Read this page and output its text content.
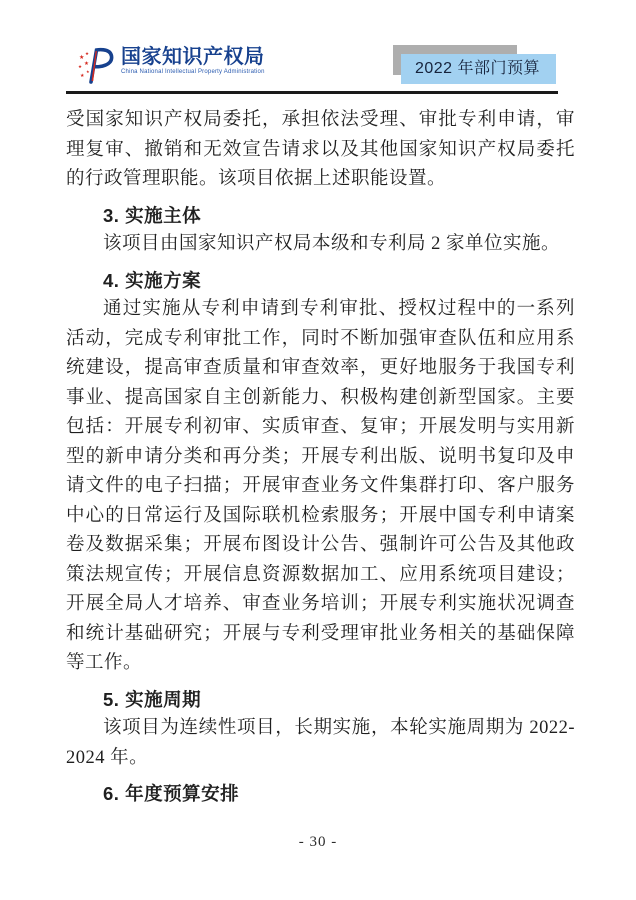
★
★
★ ★
★
★
国家知识产权局
China National Intellectual Property Administration	2022 年部门预算

受国家知识产权局委托，承担依法受理、审批专利申请，审理复审、撤销和无效宣告请求以及其他国家知识产权局委托的行政管理职能。该项目依据上述职能设置。

3. 实施主体

该项目由国家知识产权局本级和专利局 2 家单位实施。

4. 实施方案

通过实施从专利申请到专利审批、授权过程中的一系列活动，完成专利审批工作，同时不断加强审查队伍和应用系统建设，提高审查质量和审查效率，更好地服务于我国专利事业、提高国家自主创新能力、积极构建创新型国家。主要包括：开展专利初审、实质审查、复审；开展发明与实用新型的新申请分类和再分类；开展专利出版、说明书复印及申请文件的电子扫描；开展审查业务文件集群打印、客户服务中心的日常运行及国际联机检索服务；开展中国专利申请案卷及数据采集；开展布图设计公告、强制许可公告及其他政策法规宣传；开展信息资源数据加工、应用系统项目建设；开展全局人才培养、审查业务培训；开展专利实施状况调查和统计基础研究；开展与专利受理审批业务相关的基础保障等工作。

5. 实施周期

该项目为连续性项目，长期实施，本轮实施周期为 2022-2024 年。

6. 年度预算安排

- 30 -
